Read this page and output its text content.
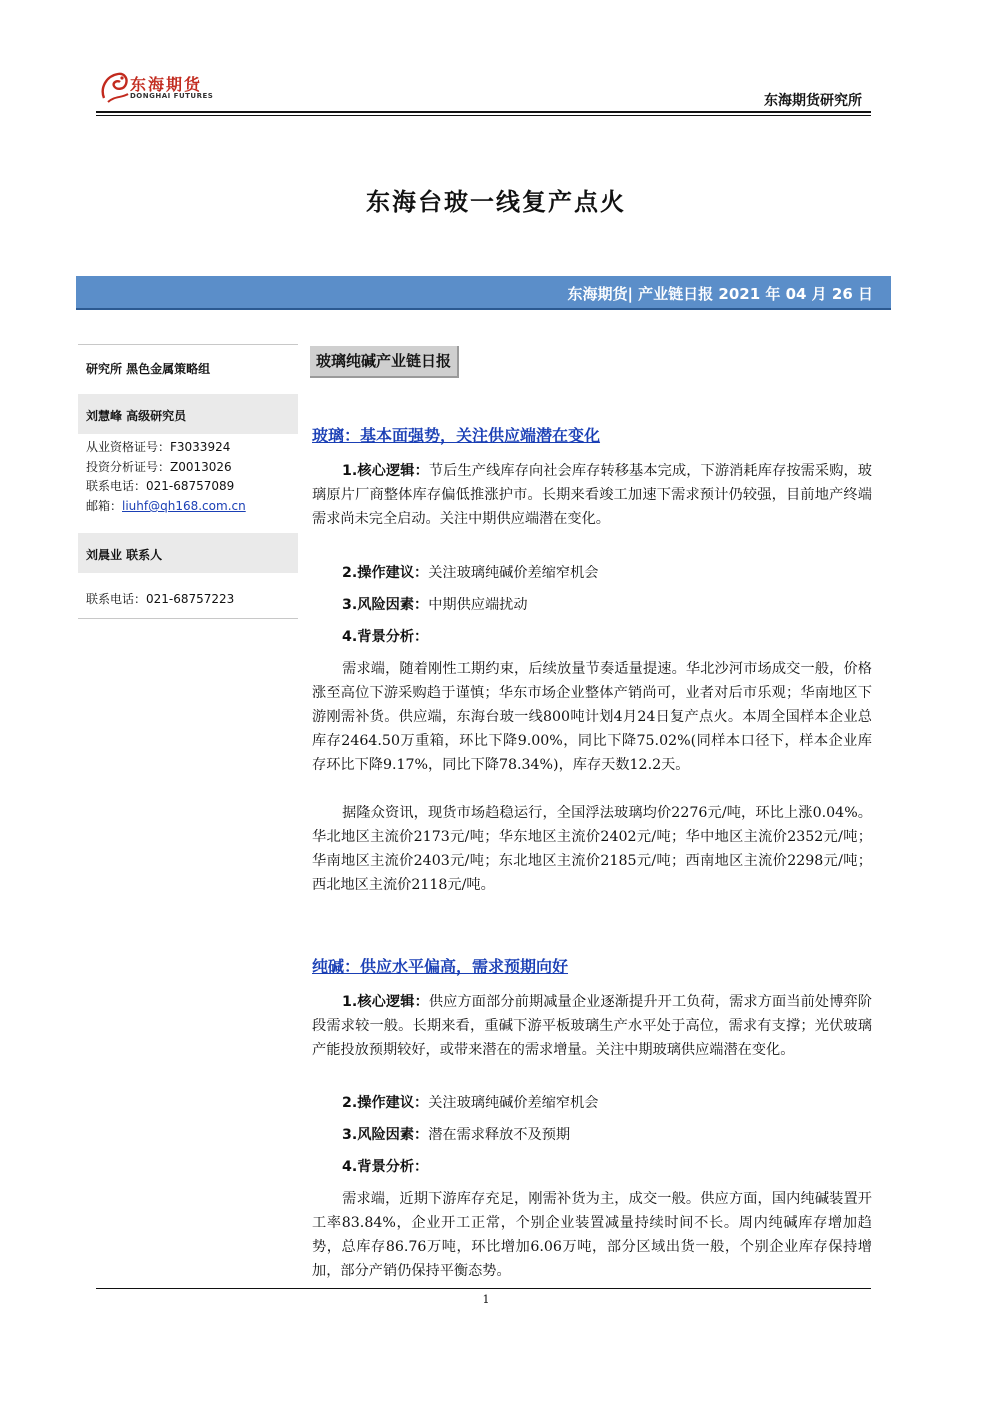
东海期货
DONGHAI FUTURES	东海期货研究所
东海台玻一线复产点火
东海期货| 产业链日报 2021 年 04 月 26 日
研究所 黑色金属策略组
刘慧峰 高级研究员
从业资格证号：F3033924
投资分析证号：Z0013026
联系电话：021-68757089
邮箱：liuhf@qh168.com.cn
刘晨业 联系人
联系电话：021-68757223
玻璃纯碱产业链日报
玻璃：基本面强势，关注供应端潜在变化
1.核心逻辑：节后生产线库存向社会库存转移基本完成，下游消耗库存按需采购，玻璃原片厂商整体库存偏低推涨护市。长期来看竣工加速下需求预计仍较强，目前地产终端需求尚未完全启动。关注中期供应端潜在变化。
2.操作建议：关注玻璃纯碱价差缩窄机会
3.风险因素：中期供应端扰动
4.背景分析：
需求端，随着刚性工期约束，后续放量节奏适量提速。华北沙河市场成交一般，价格涨至高位下游采购趋于谨慎；华东市场企业整体产销尚可，业者对后市乐观；华南地区下游刚需补货。供应端，东海台玻一线800吨计划4月24日复产点火。本周全国样本企业总库存2464.50万重箱，环比下降9.00%，同比下降75.02%(同样本口径下，样本企业库存环比下降9.17%，同比下降78.34%)，库存天数12.2天。
据隆众资讯，现货市场趋稳运行，全国浮法玻璃均价2276元/吨，环比上涨0.04%。华北地区主流价2173元/吨；华东地区主流价2402元/吨；华中地区主流价2352元/吨；华南地区主流价2403元/吨；东北地区主流价2185元/吨；西南地区主流价2298元/吨；西北地区主流价2118元/吨。
纯碱：供应水平偏高，需求预期向好
1.核心逻辑：供应方面部分前期减量企业逐渐提升开工负荷，需求方面当前处博弈阶段需求较一般。长期来看，重碱下游平板玻璃生产水平处于高位，需求有支撑；光伏玻璃产能投放预期较好，或带来潜在的需求增量。关注中期玻璃供应端潜在变化。
2.操作建议：关注玻璃纯碱价差缩窄机会
3.风险因素：潜在需求释放不及预期
4.背景分析：
需求端，近期下游库存充足，刚需补货为主，成交一般。供应方面，国内纯碱装置开工率83.84%，企业开工正常，个别企业装置减量持续时间不长。周内纯碱库存增加趋势，总库存86.76万吨，环比增加6.06万吨，部分区域出货一般，个别企业库存保持增加，部分产销仍保持平衡态势。
1
